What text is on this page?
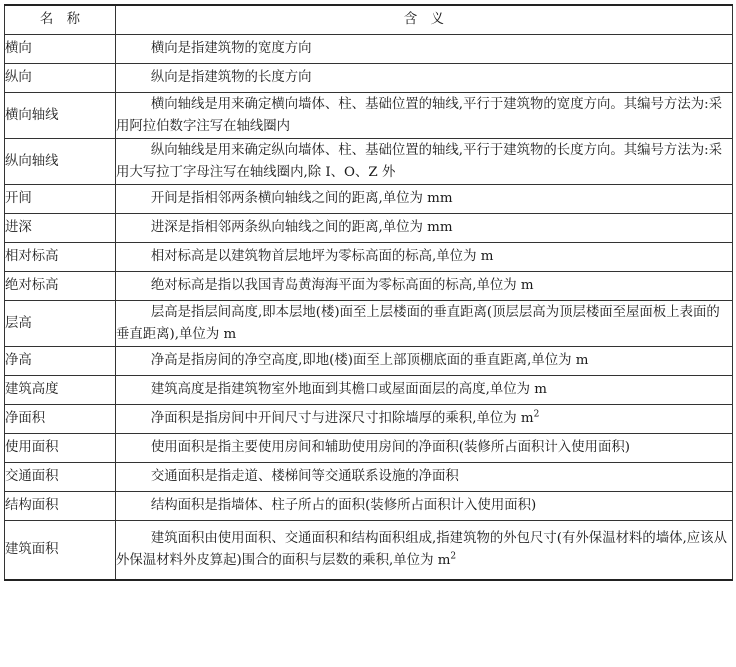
名　称	含　义
横向	横向是指建筑物的宽度方向
纵向	纵向是指建筑物的长度方向
横向轴线	横向轴线是用来确定横向墙体、柱、基础位置的轴线,平行于建筑物的宽度方向。其编号方法为:采用阿拉伯数字注写在轴线圈内
纵向轴线	纵向轴线是用来确定纵向墙体、柱、基础位置的轴线,平行于建筑物的长度方向。其编号方法为:采用大写拉丁字母注写在轴线圈内,除 I、O、Z 外
开间	开间是指相邻两条横向轴线之间的距离,单位为 mm
进深	进深是指相邻两条纵向轴线之间的距离,单位为 mm
相对标高	相对标高是以建筑物首层地坪为零标高面的标高,单位为 m
绝对标高	绝对标高是指以我国青岛黄海海平面为零标高面的标高,单位为 m
层高	层高是指层间高度,即本层地(楼)面至上层楼面的垂直距离(顶层层高为顶层楼面至屋面板上表面的垂直距离),单位为 m
净高	净高是指房间的净空高度,即地(楼)面至上部顶棚底面的垂直距离,单位为 m
建筑高度	建筑高度是指建筑物室外地面到其檐口或屋面面层的高度,单位为 m
净面积	净面积是指房间中开间尺寸与进深尺寸扣除墙厚的乘积,单位为 $m^2$
使用面积	使用面积是指主要使用房间和辅助使用房间的净面积(装修所占面积计入使用面积)
交通面积	交通面积是指走道、楼梯间等交通联系设施的净面积
结构面积	结构面积是指墙体、柱子所占的面积(装修所占面积计入使用面积)
建筑面积	建筑面积由使用面积、交通面积和结构面积组成,指建筑物的外包尺寸(有外保温材料的墙体,应该从外保温材料外皮算起)围合的面积与层数的乘积,单位为 $m^2$
